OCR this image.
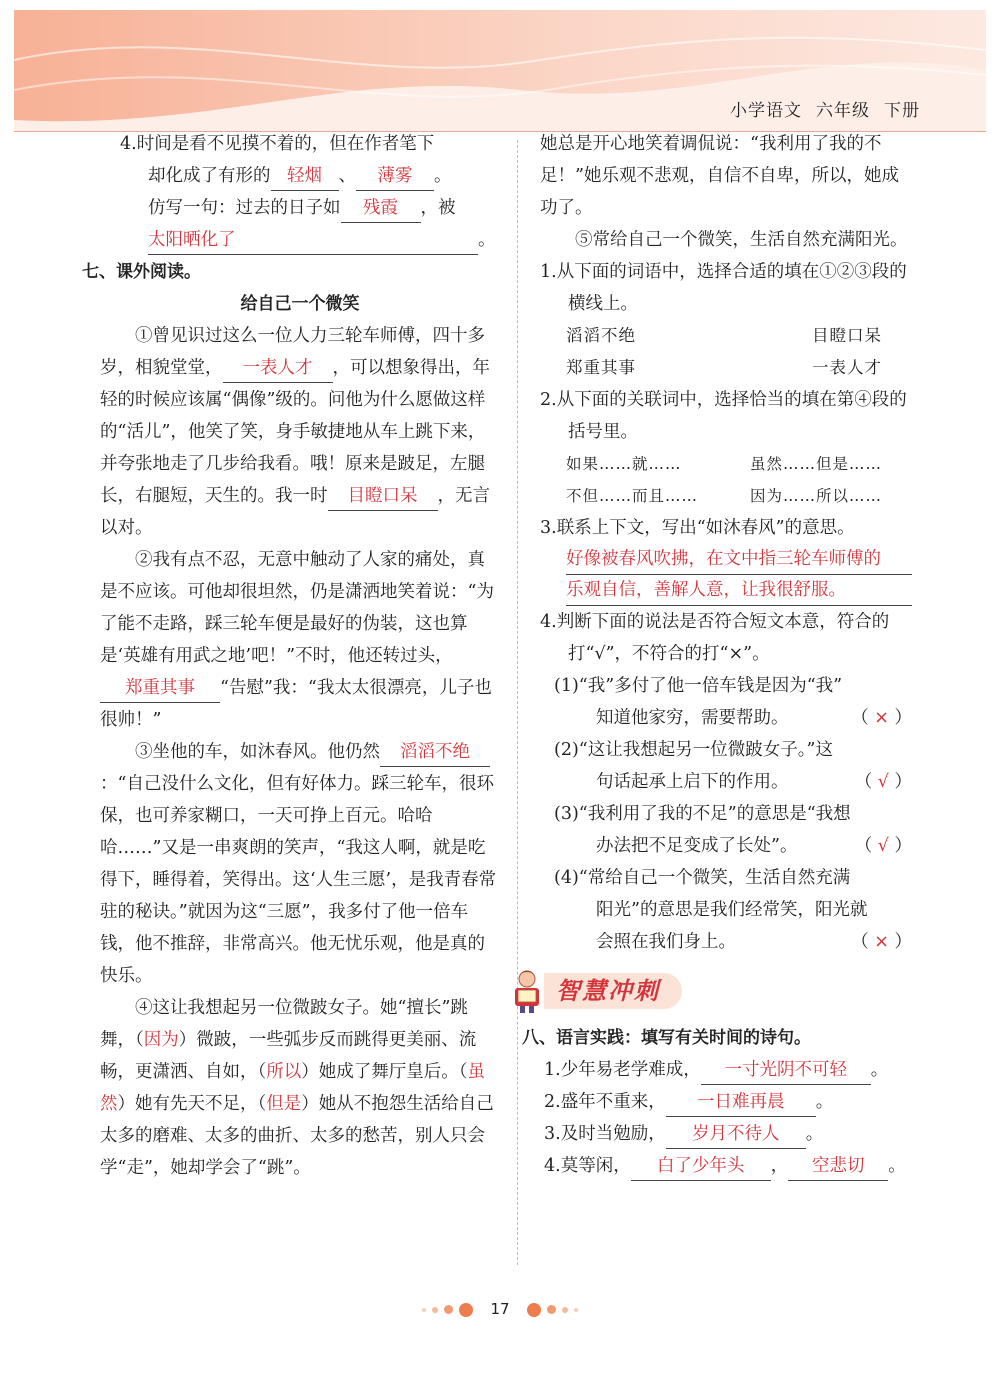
小学语文 六年级 下册

4.时间是看不见摸不着的，但在作者笔下
却化成了有形的 轻烟 、 薄雾 。
仿写一句：过去的日子如 残霞 ，被
太阳晒化了	。

七、课外阅读。

给自己一个微笑

①曾见识过这么一位人力三轮车师傅，四十多岁，相貌堂堂， 一表人才 ，可以想象得出，年轻的时候应该属“偶像”级的。问他为什么愿做这样的“活儿”，他笑了笑，身手敏捷地从车上跳下来，并夸张地走了几步给我看。哦！原来是跛足，左腿长，右腿短，天生的。我一时 目瞪口呆 ，无言以对。

②我有点不忍，无意中触动了人家的痛处，真是不应该。可他却很坦然，仍是潇洒地笑着说：“为了能不走路，踩三轮车便是最好的伪装，这也算是‘英雄有用武之地’吧！”不时，他还转过头，郑重其事 “告慰”我：“我太太很漂亮，儿子也很帅！”

③坐他的车，如沐春风。他仍然 滔滔不绝：“自己没什么文化，但有好体力。踩三轮车，很环保，也可养家糊口，一天可挣上百元。哈哈哈……”又是一串爽朗的笑声，“我这人啊，就是吃得下，睡得着，笑得出。这‘人生三愿’，是我青春常驻的秘诀。”就因为这“三愿”，我多付了他一倍车钱，他不推辞，非常高兴。他无忧乐观，他是真的快乐。

④这让我想起另一位微跛女子。她“擅长”跳舞，（因为）微跛，一些弧步反而跳得更美丽、流畅，更潇洒、自如，（所以）她成了舞厅皇后。（虽然）她有先天不足，（但是）她从不抱怨生活给自己太多的磨难、太多的曲折、太多的愁苦，别人只会学“走”，她却学会了“跳”。

她总是开心地笑着调侃说：“我利用了我的不足！”她乐观不悲观，自信不自卑，所以，她成功了。

⑤常给自己一个微笑，生活自然充满阳光。

1.从下面的词语中，选择合适的填在①②③段的横线上。

滔滔不绝	目瞪口呆
郑重其事	一表人才

2.从下面的关联词中，选择恰当的填在第④段的括号里。

如果……就……	虽然……但是……
不但……而且……	因为……所以……

3.联系上下文，写出“如沐春风”的意思。

好像被春风吹拂，在文中指三轮车师傅的
乐观自信，善解人意，让我很舒服。

4.判断下面的说法是否符合短文本意，符合的打“√”，不符合的打“×”。

(1)“我”多付了他一倍车钱是因为“我”
知道他家穷，需要帮助。	（ × ）
(2)“这让我想起另一位微跛女子。”这
句话起承上启下的作用。	（ √ ）
(3)“我利用了我的不足”的意思是“我想
办法把不足变成了长处”。	（ √ ）
(4)“常给自己一个微笑，生活自然充满
阳光”的意思是我们经常笑，阳光就
会照在我们身上。	（ × ）
智慧冲刺

八、语言实践：填写有关时间的诗句。

1.少年易老学难成， 一寸光阴不可轻 。

2.盛年不重来， 一日难再晨 。

3.及时当勉励， 岁月不待人 。

4.莫等闲， 白了少年头 ， 空悲切 。

17
